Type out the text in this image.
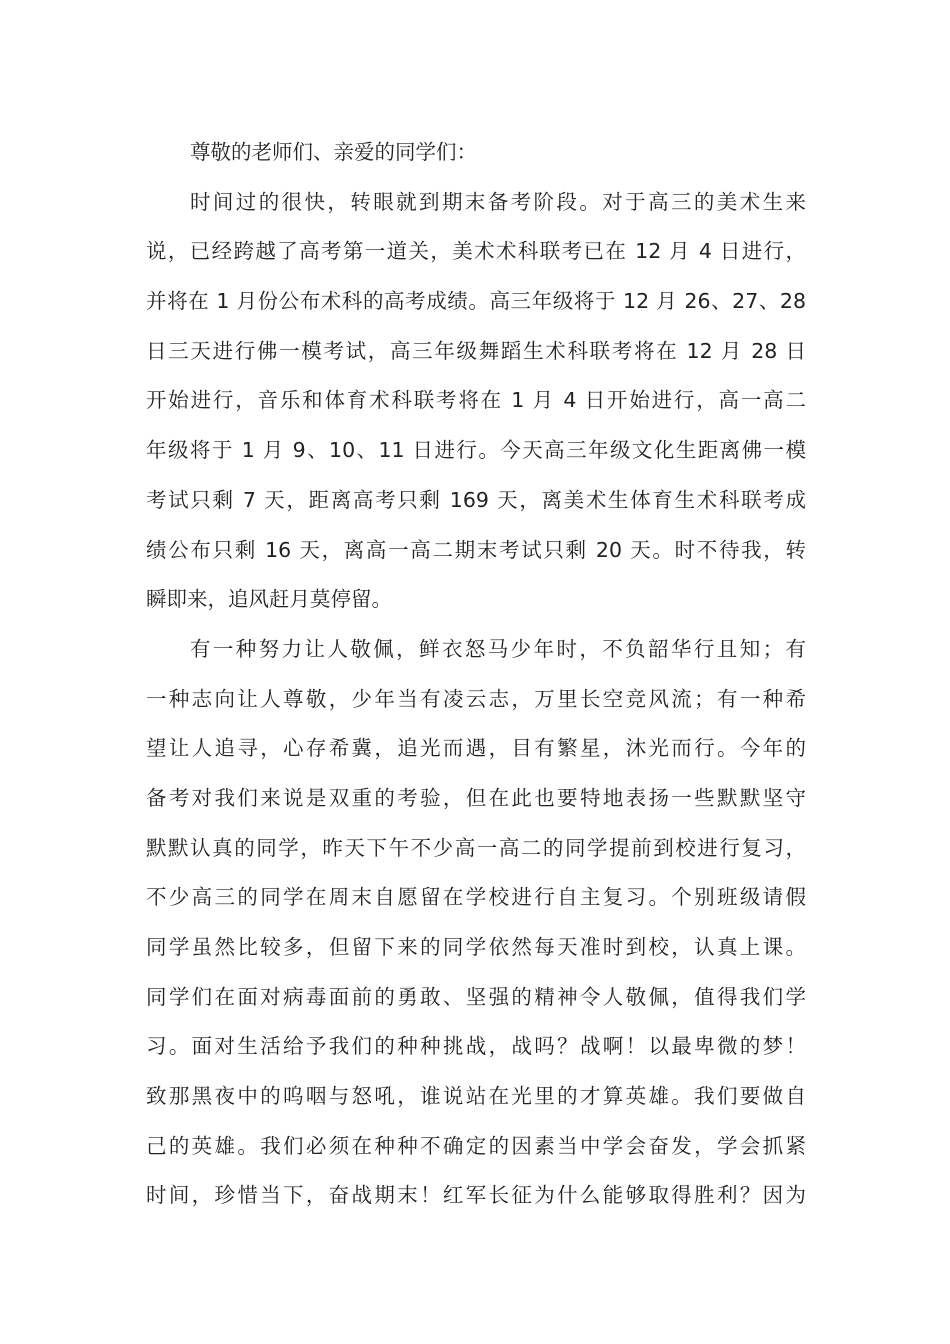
尊敬的老师们、亲爱的同学们：
时间过的很快，转眼就到期末备考阶段。对于高三的美术生来
说，已经跨越了高考第一道关，美术术科联考已在 12 月 4 日进行，
并将在 1 月份公布术科的高考成绩。高三年级将于 12 月 26、27、28
日三天进行佛一模考试，高三年级舞蹈生术科联考将在 12 月 28 日
开始进行，音乐和体育术科联考将在 1 月 4 日开始进行，高一高二
年级将于 1 月 9、10、11 日进行。今天高三年级文化生距离佛一模
考试只剩 7 天，距离高考只剩 169 天，离美术生体育生术科联考成
绩公布只剩 16 天，离高一高二期末考试只剩 20 天。时不待我，转
瞬即来，追风赶月莫停留。
有一种努力让人敬佩，鲜衣怒马少年时，不负韶华行且知；有
一种志向让人尊敬，少年当有凌云志，万里长空竞风流；有一种希
望让人追寻，心存希冀，追光而遇，目有繁星，沐光而行。今年的
备考对我们来说是双重的考验，但在此也要特地表扬一些默默坚守
默默认真的同学，昨天下午不少高一高二的同学提前到校进行复习，
不少高三的同学在周末自愿留在学校进行自主复习。个别班级请假
同学虽然比较多，但留下来的同学依然每天准时到校，认真上课。
同学们在面对病毒面前的勇敢、坚强的精神令人敬佩，值得我们学
习。面对生活给予我们的种种挑战，战吗？战啊！以最卑微的梦！
致那黑夜中的呜咽与怒吼，谁说站在光里的才算英雄。我们要做自
己的英雄。我们必须在种种不确定的因素当中学会奋发，学会抓紧
时间，珍惜当下，奋战期末！红军长征为什么能够取得胜利？因为
